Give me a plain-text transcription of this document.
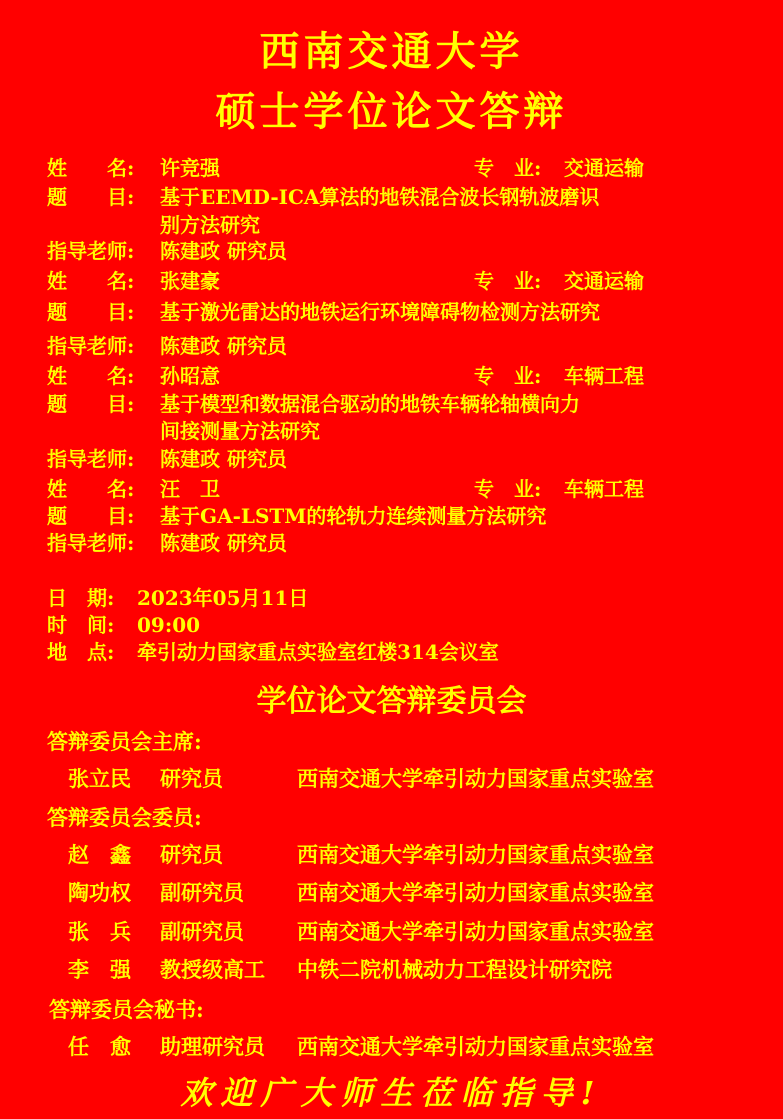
西南交通大学
硕士学位论文答辩
姓　　名: 许竞强	专　业: 交通运输
题　　目: 基于EEMD-ICA算法的地铁混合波长钢轨波磨识
别方法研究
指导老师: 陈建政 研究员
姓　　名: 张建豪	专　业: 交通运输
题　　目: 基于激光雷达的地铁运行环境障碍物检测方法研究
指导老师: 陈建政 研究员
姓　　名: 孙昭意	专　业: 车辆工程
题　　目: 基于模型和数据混合驱动的地铁车辆轮轴横向力
间接测量方法研究
指导老师: 陈建政 研究员
姓　　名: 汪　卫	专　业: 车辆工程
题　　目: 基于GA-LSTM的轮轨力连续测量方法研究
指导老师: 陈建政 研究员
日　期: 2023年05月11日
时　间: 09:00
地　点: 牵引动力国家重点实验室红楼314会议室
学位论文答辩委员会
答辩委员会主席:
张立民 研究员	西南交通大学牵引动力国家重点实验室
答辩委员会委员:
赵　鑫 研究员	西南交通大学牵引动力国家重点实验室
陶功权 副研究员	西南交通大学牵引动力国家重点实验室
张　兵 副研究员	西南交通大学牵引动力国家重点实验室
李　强 教授级高工 中铁二院机械动力工程设计研究院
答辩委员会秘书:
任　愈 助理研究员 西南交通大学牵引动力国家重点实验室
欢迎广大师生莅临指导!
